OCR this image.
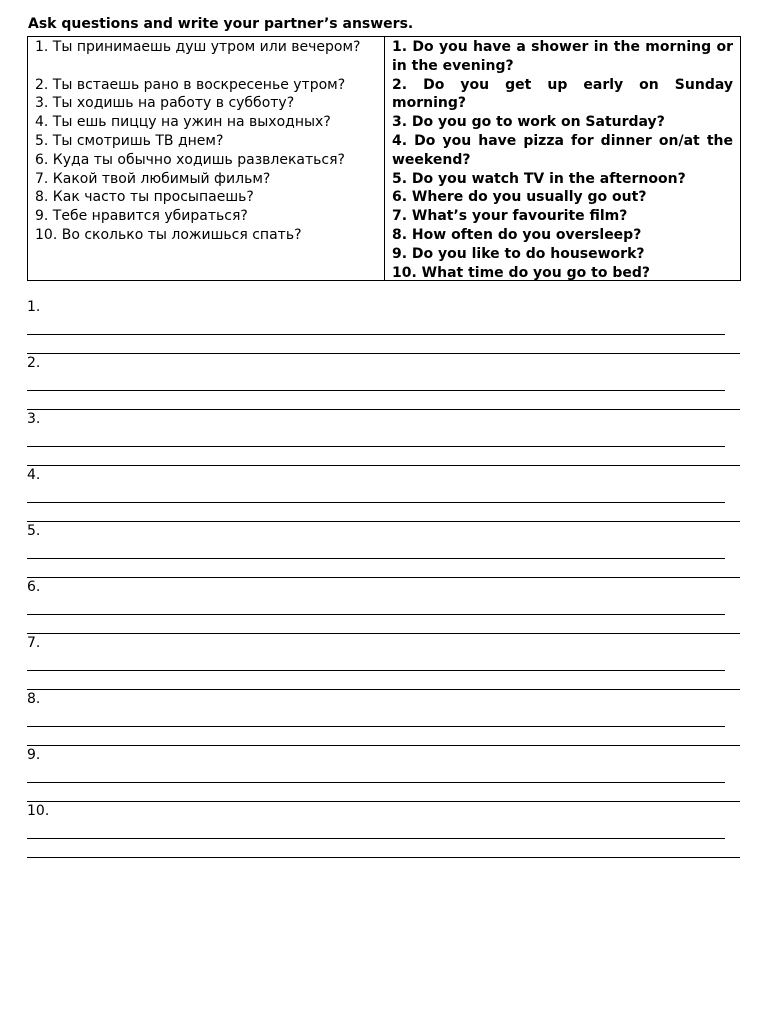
Ask questions and write your partner’s answers.
1. Ты принимаешь душ утром или вечером?
2. Ты встаешь рано в воскресенье утром?
3. Ты ходишь на работу в субботу?
4. Ты ешь пиццу на ужин на выходных?
5. Ты смотришь ТВ днем?
6. Куда ты обычно ходишь развлекаться?
7. Какой твой любимый фильм?
8. Как часто ты просыпаешь?
9. Тебе нравится убираться?
10. Во сколько ты ложишься спать?
1. Do you have a shower in the morning or in the evening?
2. Do you get up early on Sunday morning?
3. Do you go to work on Saturday?
4. Do you have pizza for dinner on/at the weekend?
5. Do you watch TV in the afternoon?
6. Where do you usually go out?
7. What’s your favourite film?
8. How often do you oversleep?
9. Do you like to do housework?
10. What time do you go to bed?
1.
2.
3.
4.
5.
6.
7.
8.
9.
10.
